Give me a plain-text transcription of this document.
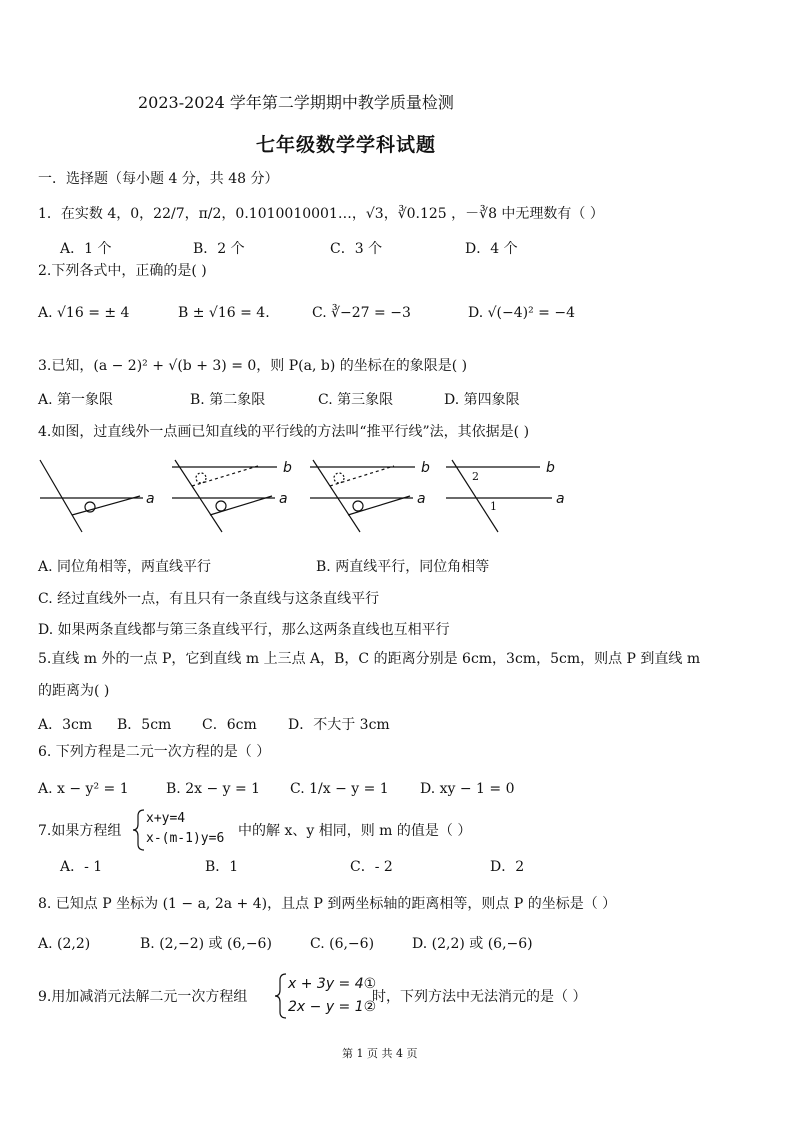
2023-2024 学年第二学期期中教学质量检测
七年级数学学科试题
一．选择题（每小题 4 分，共 48 分）
1．在实数 4，0，22/7，π/2，0.1010010001…，√3，∛0.125 ，－∛8 中无理数有（ ）
A．1 个	B．2 个	C．3 个	D．4 个
2.下列各式中，正确的是( )
A. √16 = ± 4	B ± √16 = 4.	C. ∛−27 = −3	D. √(−4)² = −4
3.已知，(a − 2)² + √(b + 3) = 0，则 P(a, b) 的坐标在的象限是( )
A. 第一象限	B. 第二象限	C. 第三象限	D. 第四象限
4.如图，过直线外一点画已知直线的平行线的方法叫“推平行线”法，其依据是( )
a
b
a
b
a
b
2
a
1
A. 同位角相等，两直线平行	B. 两直线平行，同位角相等
C. 经过直线外一点，有且只有一条直线与这条直线平行
D. 如果两条直线都与第三条直线平行，那么这两条直线也互相平行
5.直线 m 外的一点 P，它到直线 m 上三点 A，B，C 的距离分别是 6cm，3cm，5cm，则点 P 到直线 m
的距离为( )
A．3cm B．5cm C．6cm D．不大于 3cm
6. 下列方程是二元一次方程的是（ ）
A. x − y² = 1	B. 2x − y = 1 C. 1/x − y = 1 D. xy − 1 = 0
7.如果方程组
x+y=4
x-(m-1)y=6 中的解 x、y 相同，则 m 的值是（ ）
A．- 1	B．1	C．- 2	D．2
8. 已知点 P 坐标为 (1 − a, 2a + 4)，且点 P 到两坐标轴的距离相等，则点 P 的坐标是（ ）
A. (2,2)	B. (2,−2) 或 (6,−6)	C. (6,−6)	D. (2,2) 或 (6,−6)
9.用加减消元法解二元一次方程组
x + 3y = 4①
2x − y = 1②
时，下列方法中无法消元的是（ ）
第 1 页 共 4 页
